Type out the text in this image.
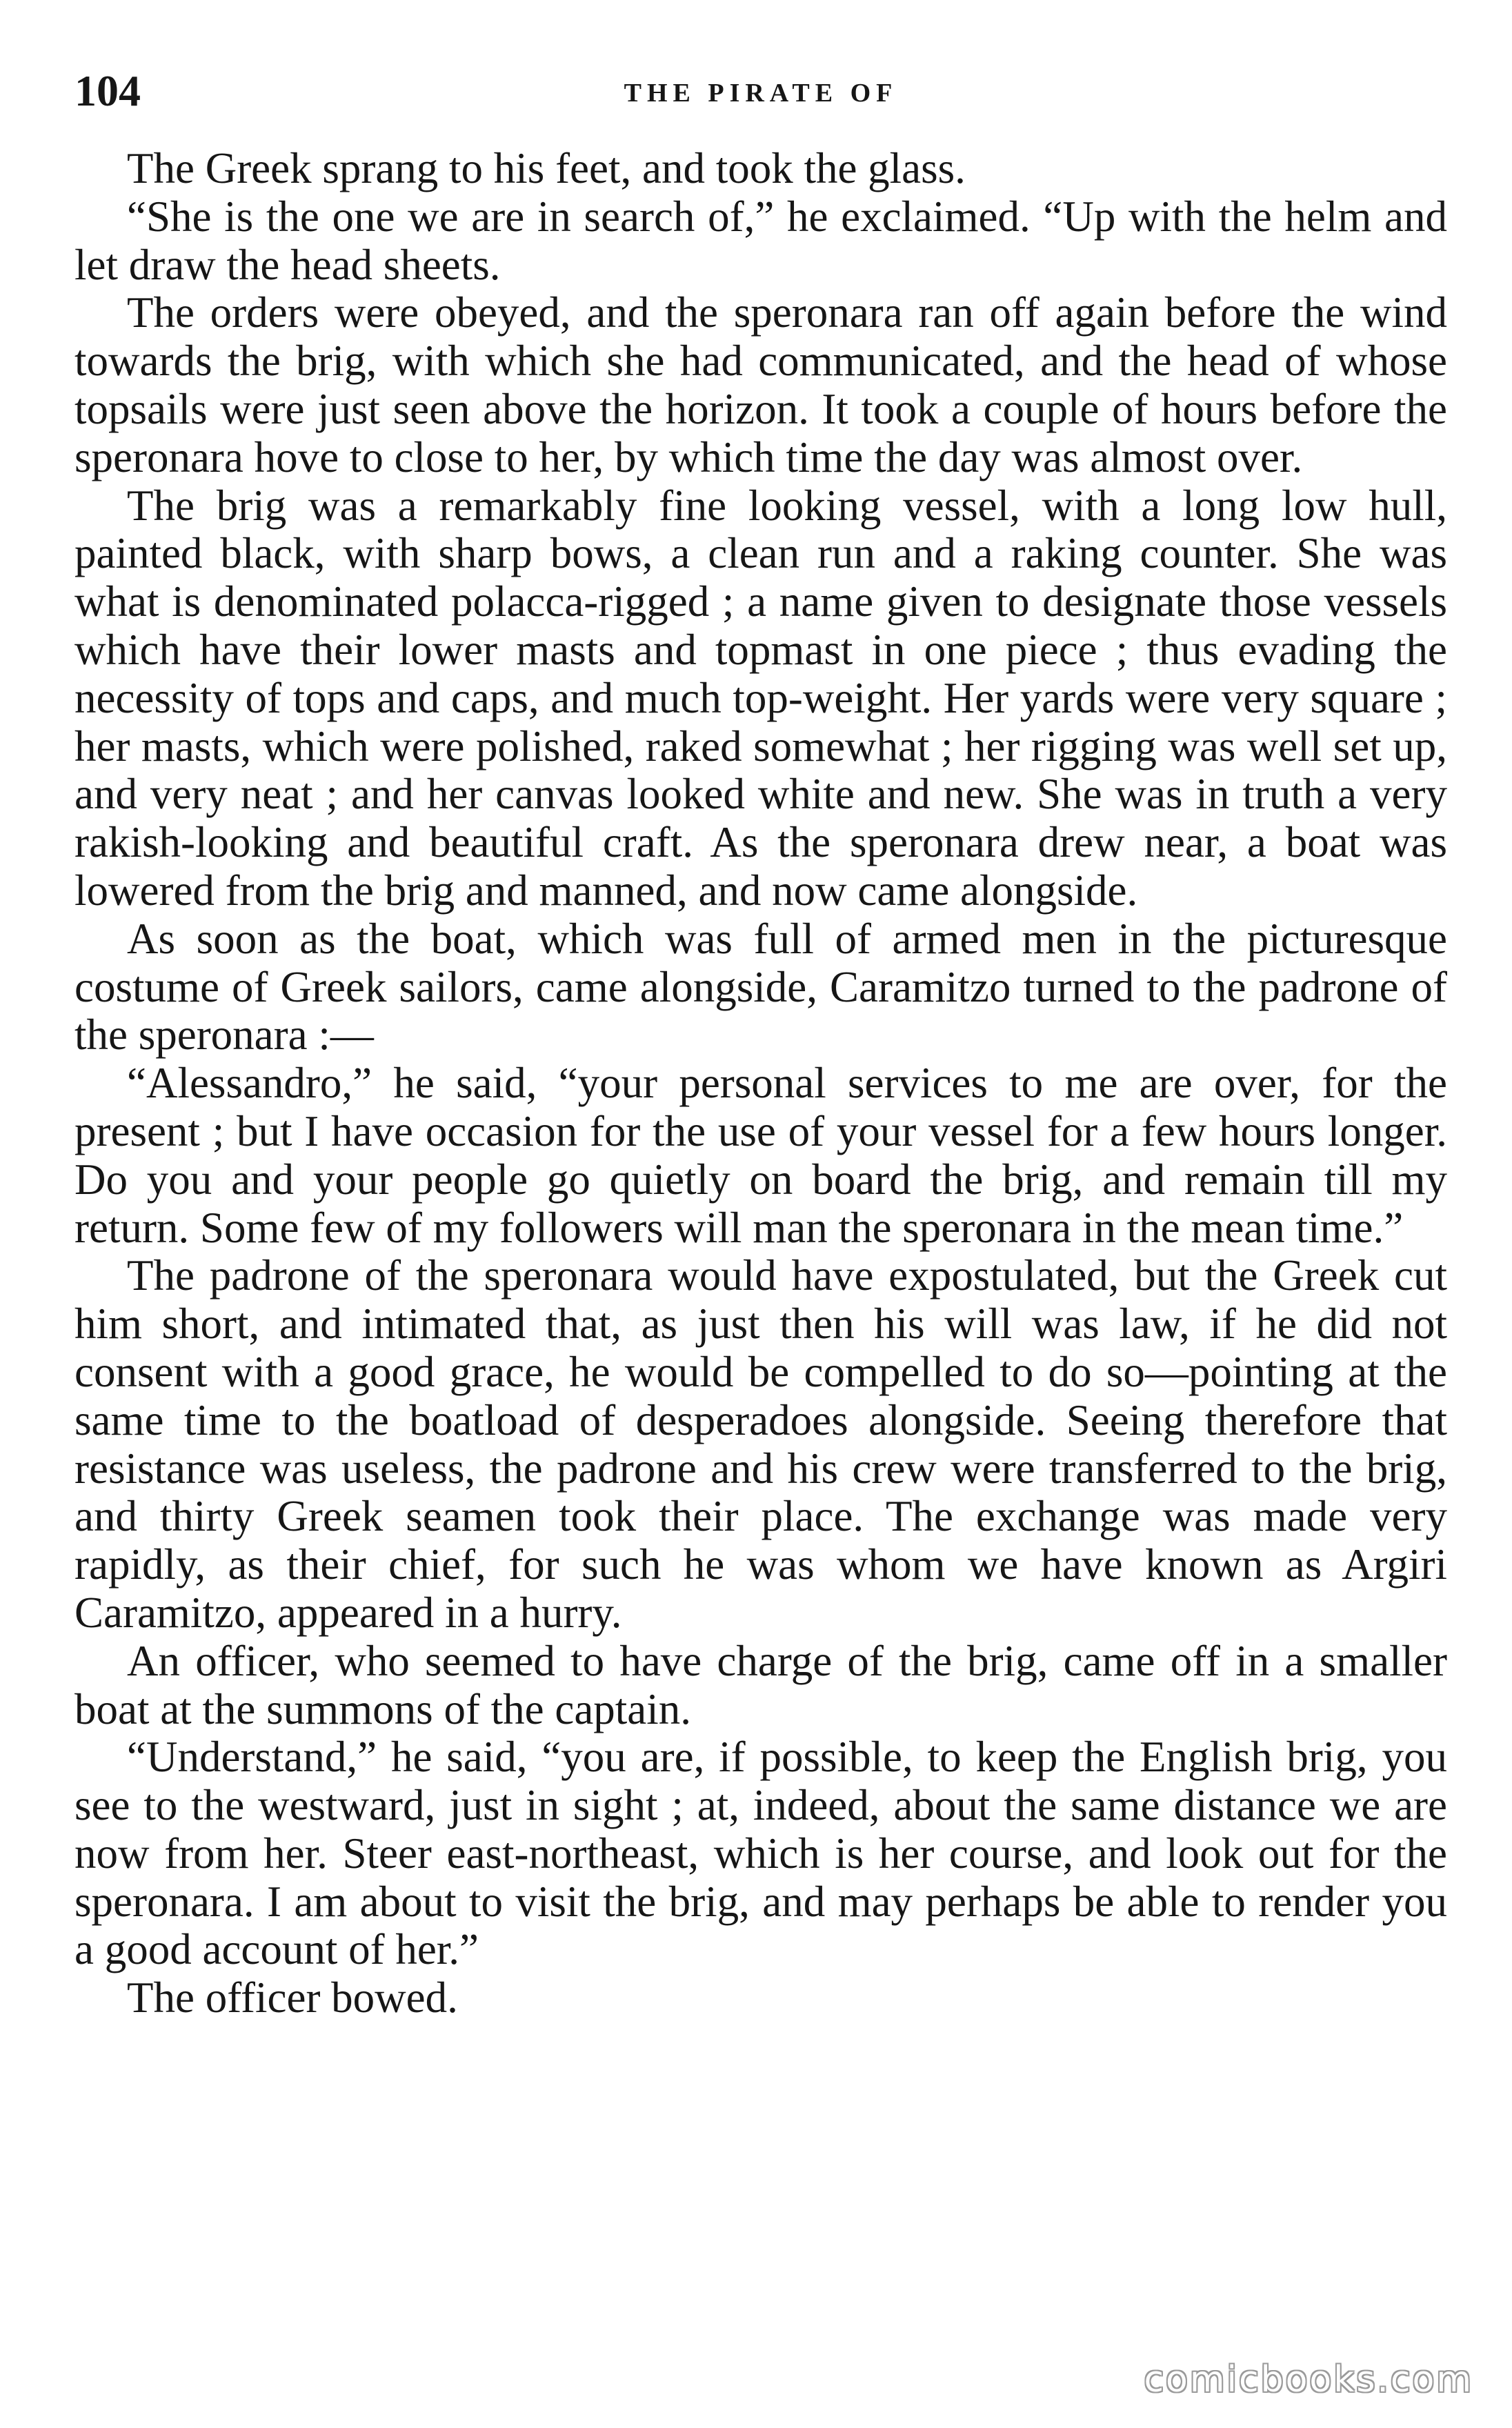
104	THE PIRATE OF

The Greek sprang to his feet, and took the glass.

“She is the one we are in search of,” he exclaimed. “Up with the helm and let draw the head sheets.

The orders were obeyed, and the speronara ran off again before the wind towards the brig, with which she had communicated, and the head of whose topsails were just seen above the horizon. It took a couple of hours before the speronara hove to close to her, by which time the day was almost over.

The brig was a remarkably fine looking vessel, with a long low hull, painted black, with sharp bows, a clean run and a raking counter. She was what is denominated polacca-rigged ; a name given to designate those vessels which have their lower masts and topmast in one piece ; thus evading the necessity of tops and caps, and much top-weight. Her yards were very square ; her masts, which were polished, raked somewhat ; her rigging was well set up, and very neat ; and her canvas looked white and new. She was in truth a very rakish-looking and beautiful craft. As the speronara drew near, a boat was lowered from the brig and manned, and now came alongside.

As soon as the boat, which was full of armed men in the picturesque costume of Greek sailors, came alongside, Caramitzo turned to the padrone of the speronara :—

“Alessandro,” he said, “your personal services to me are over, for the present ; but I have occasion for the use of your vessel for a few hours longer. Do you and your people go quietly on board the brig, and remain till my return. Some few of my followers will man the speronara in the mean time.”

The padrone of the speronara would have expostulated, but the Greek cut him short, and intimated that, as just then his will was law, if he did not consent with a good grace, he would be compelled to do so—pointing at the same time to the boatload of desperadoes alongside. Seeing therefore that resistance was useless, the padrone and his crew were transferred to the brig, and thirty Greek seamen took their place. The exchange was made very rapidly, as their chief, for such he was whom we have known as Argiri Caramitzo, appeared in a hurry.

An officer, who seemed to have charge of the brig, came off in a smaller boat at the summons of the captain.

“Understand,” he said, “you are, if possible, to keep the English brig, you see to the westward, just in sight ; at, indeed, about the same distance we are now from her. Steer east-northeast, which is her course, and look out for the speronara. I am about to visit the brig, and may perhaps be able to render you a good account of her.”

The officer bowed.

comicbooks.com
